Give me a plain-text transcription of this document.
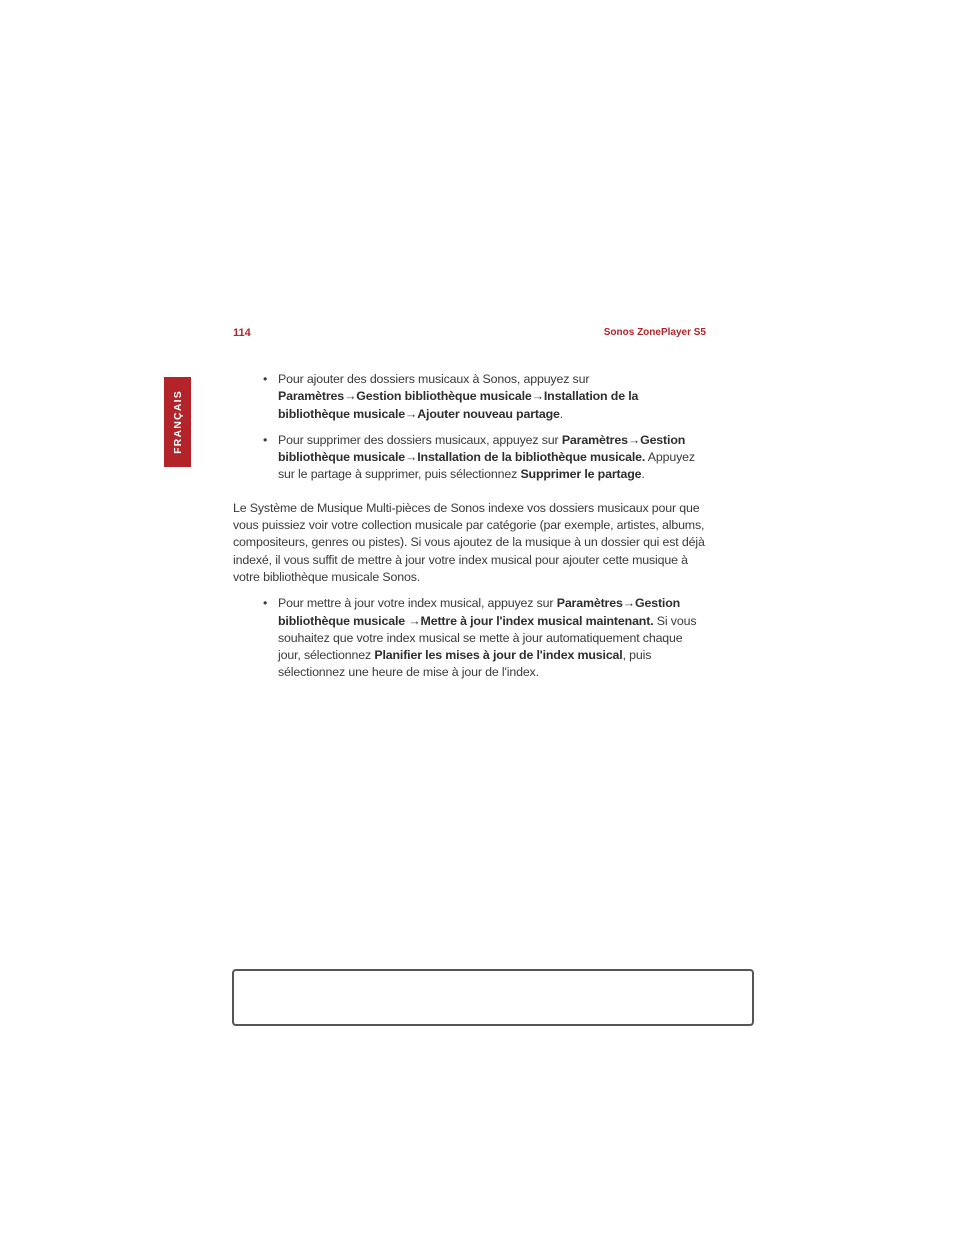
114	Sonos ZonePlayer S5
FRANÇAIS
• Pour ajouter des dossiers musicaux à Sonos, appuyez sur
Paramètres→Gestion bibliothèque musicale→Installation de la bibliothèque musicale→Ajouter nouveau partage.
• Pour supprimer des dossiers musicaux, appuyez sur Paramètres→Gestion bibliothèque musicale→Installation de la bibliothèque musicale. Appuyez sur le partage à supprimer, puis sélectionnez Supprimer le partage.

Le Système de Musique Multi-pièces de Sonos indexe vos dossiers musicaux pour que vous puissiez voir votre collection musicale par catégorie (par exemple, artistes, albums, compositeurs, genres ou pistes). Si vous ajoutez de la musique à un dossier qui est déjà indexé, il vous suffit de mettre à jour votre index musical pour ajouter cette musique à votre bibliothèque musicale Sonos.

• Pour mettre à jour votre index musical, appuyez sur Paramètres→Gestion bibliothèque musicale →Mettre à jour l'index musical maintenant. Si vous souhaitez que votre index musical se mette à jour automatiquement chaque jour, sélectionnez Planifier les mises à jour de l'index musical, puis sélectionnez une heure de mise à jour de l'index.
